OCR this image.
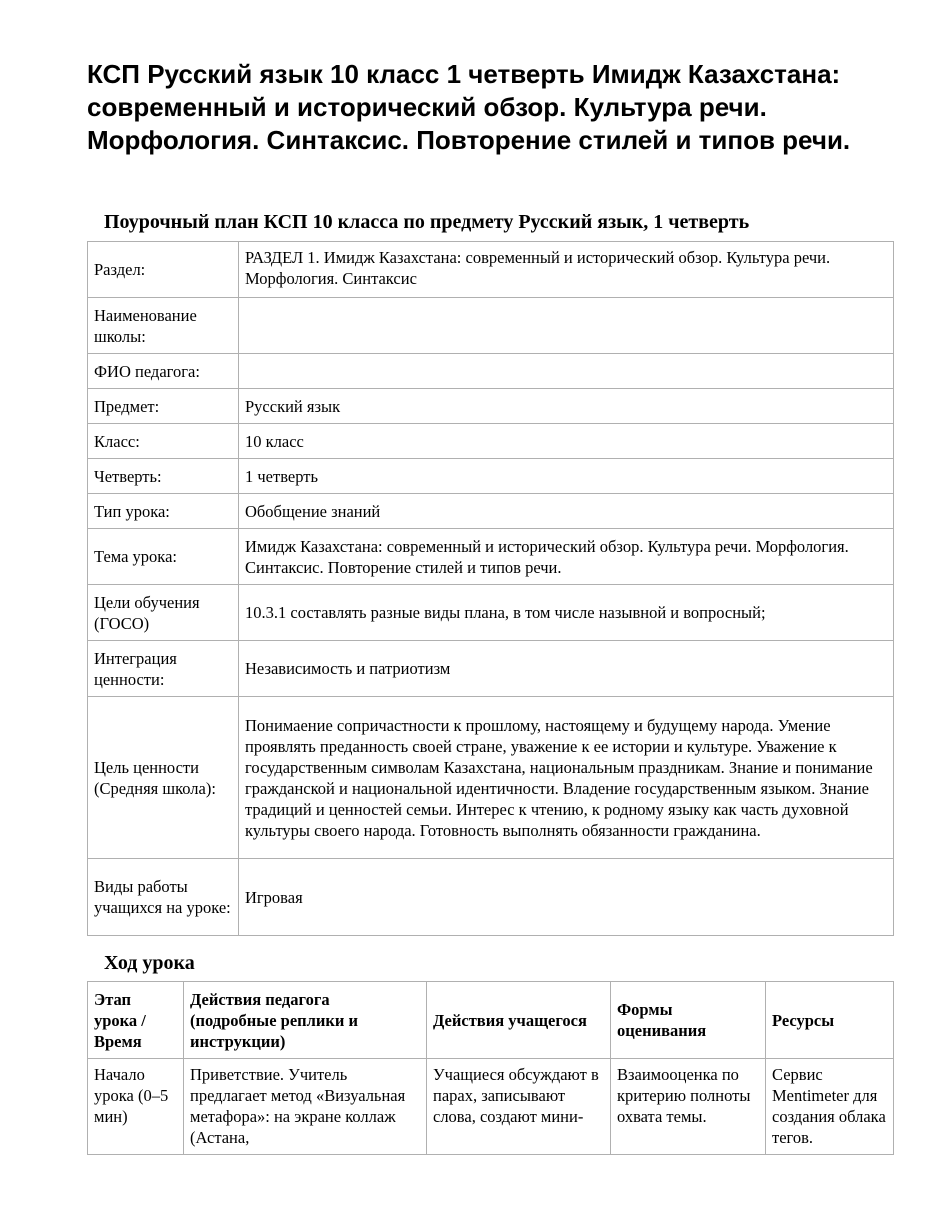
КСП Русский язык 10 класс 1 четверть Имидж Казахстана: современный и исторический обзор. Культура речи. Морфология. Синтаксис. Повторение стилей и типов речи.
Поурочный план КСП 10 класса по предмету Русский язык, 1 четверть
Раздел:	РАЗДЕЛ 1. Имидж Казахстана: современный и исторический обзор. Культура речи. Морфология. Синтаксис
Наименование школы:	
ФИО педагога:	
Предмет:	Русский язык
Класс:	10 класс
Четверть:	1 четверть
Тип урока:	Обобщение знаний
Тема урока:	Имидж Казахстана: современный и исторический обзор. Культура речи. Морфология. Синтаксис. Повторение стилей и типов речи.
Цели обучения (ГОСО)	10.3.1 составлять разные виды плана, в том числе назывной и вопросный;
Интеграция ценности:	Независимость и патриотизм
Цель ценности (Средняя школа):	Понимаение сопричастности к прошлому, настоящему и будущему народа. Умение проявлять преданность своей стране, уважение к ее истории и культуре. Уважение к государственным символам Казахстана, национальным праздникам. Знание и понимание гражданской и национальной идентичности. Владение государственным языком. Знание традиций и ценностей семьи. Интерес к чтению, к родному языку как часть духовной культуры своего народа. Готовность выполнять обязанности гражданина.
Виды работы учащихся на уроке:	Игровая
Ход урока
Этап урока / Время	Действия педагога (подробные реплики и инструкции)	Действия учащегося	Формы оценивания	Ресурсы

Начало урока (0–5 мин)	Приветствие. Учитель предлагает метод «Визуальная метафора»: на экране коллаж (Астана,	Учащиеся обсуждают в парах, записывают слова, создают мини-	Взаимооценка по критерию полноты охвата темы.	Сервис Mentimeter для создания облака тегов.
